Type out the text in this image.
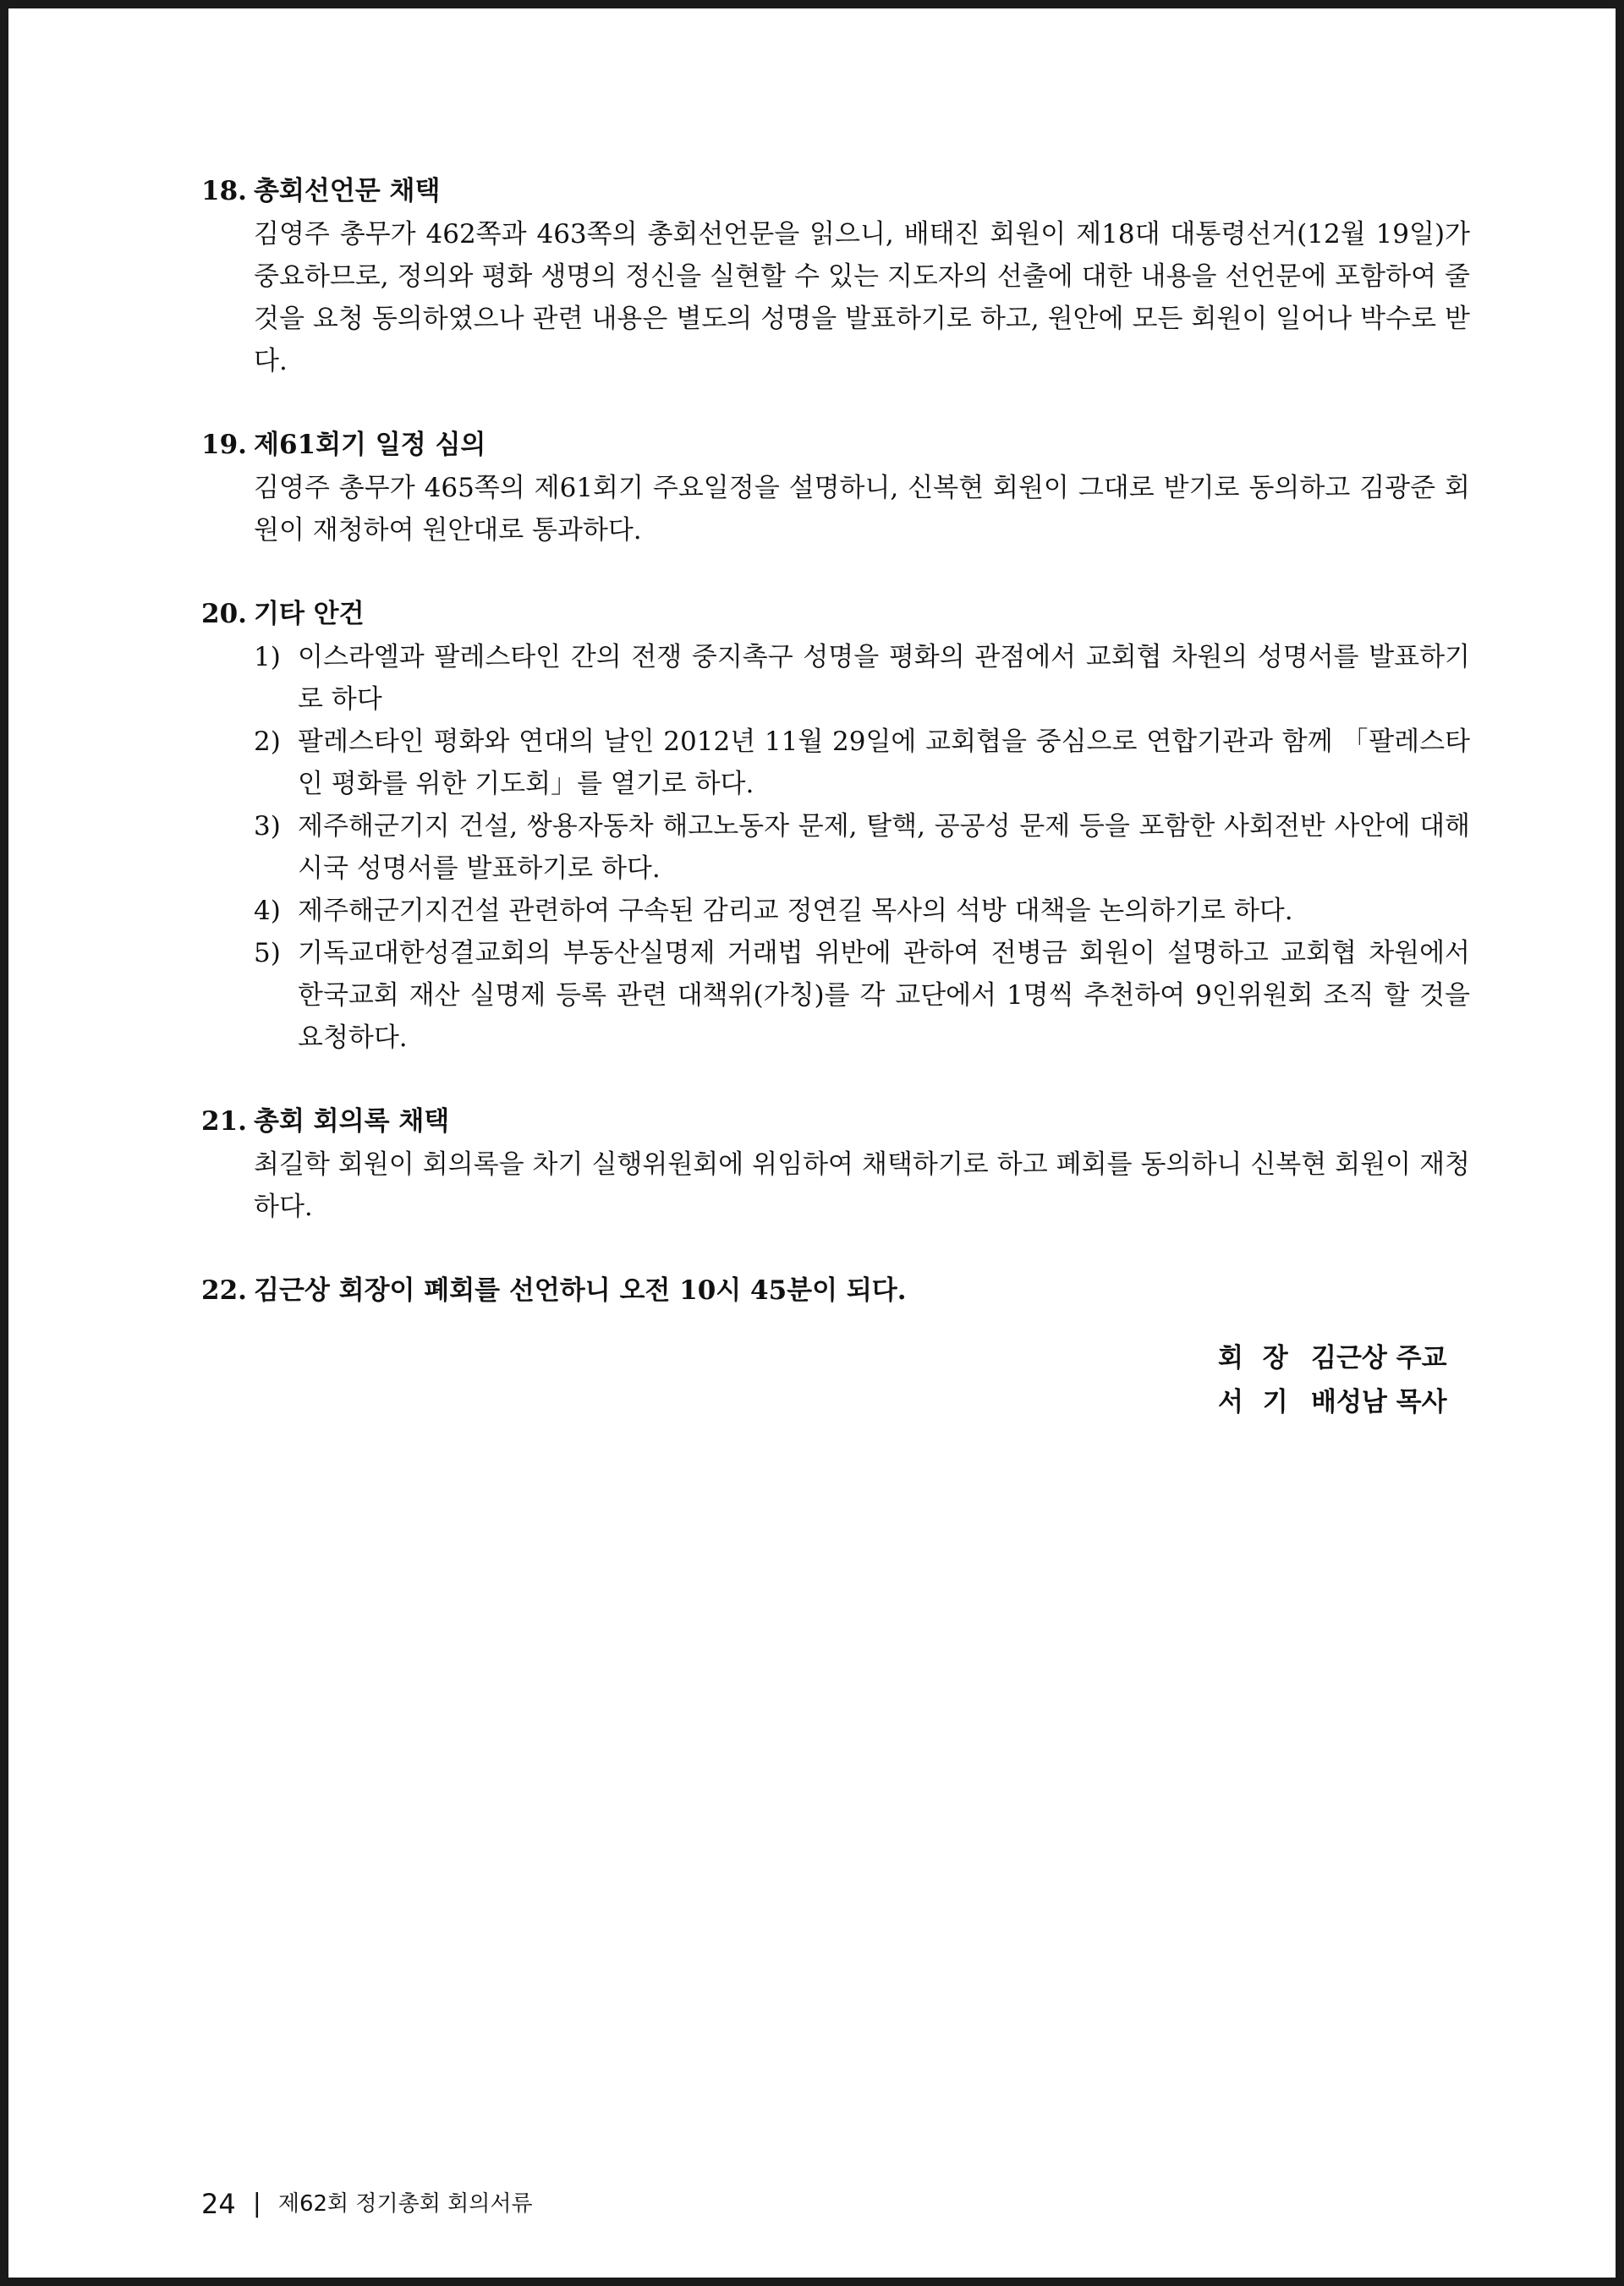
18. 총회선언문 채택

김영주 총무가 462쪽과 463쪽의 총회선언문을 읽으니, 배태진 회원이 제18대 대통령선거(12월 19일)가 중요하므로, 정의와 평화 생명의 정신을 실현할 수 있는 지도자의 선출에 대한 내용을 선언문에 포함하여 줄 것을 요청 동의하였으나 관련 내용은 별도의 성명을 발표하기로 하고, 원안에 모든 회원이 일어나 박수로 받다.

19. 제61회기 일정 심의

김영주 총무가 465쪽의 제61회기 주요일정을 설명하니, 신복현 회원이 그대로 받기로 동의하고 김광준 회원이 재청하여 원안대로 통과하다.

20. 기타 안건

1) 이스라엘과 팔레스타인 간의 전쟁 중지촉구 성명을 평화의 관점에서 교회협 차원의 성명서를 발표하기로 하다
2) 팔레스타인 평화와 연대의 날인 2012년 11월 29일에 교회협을 중심으로 연합기관과 함께 「팔레스타인 평화를 위한 기도회」를 열기로 하다.
3) 제주해군기지 건설, 쌍용자동차 해고노동자 문제, 탈핵, 공공성 문제 등을 포함한 사회전반 사안에 대해 시국 성명서를 발표하기로 하다.
4) 제주해군기지건설 관련하여 구속된 감리교 정연길 목사의 석방 대책을 논의하기로 하다.
5) 기독교대한성결교회의 부동산실명제 거래법 위반에 관하여 전병금 회원이 설명하고 교회협 차원에서 한국교회 재산 실명제 등록 관련 대책위(가칭)를 각 교단에서 1명씩 추천하여 9인위원회 조직 할 것을 요청하다.

21. 총회 회의록 채택

최길학 회원이 회의록을 차기 실행위원회에 위임하여 채택하기로 하고 폐회를 동의하니 신복현 회원이 재청하다.

22. 김근상 회장이 폐회를 선언하니 오전 10시 45분이 되다.

회 장 김근상 주교
서 기 배성남 목사
24 | 제62회 정기총회 회의서류
